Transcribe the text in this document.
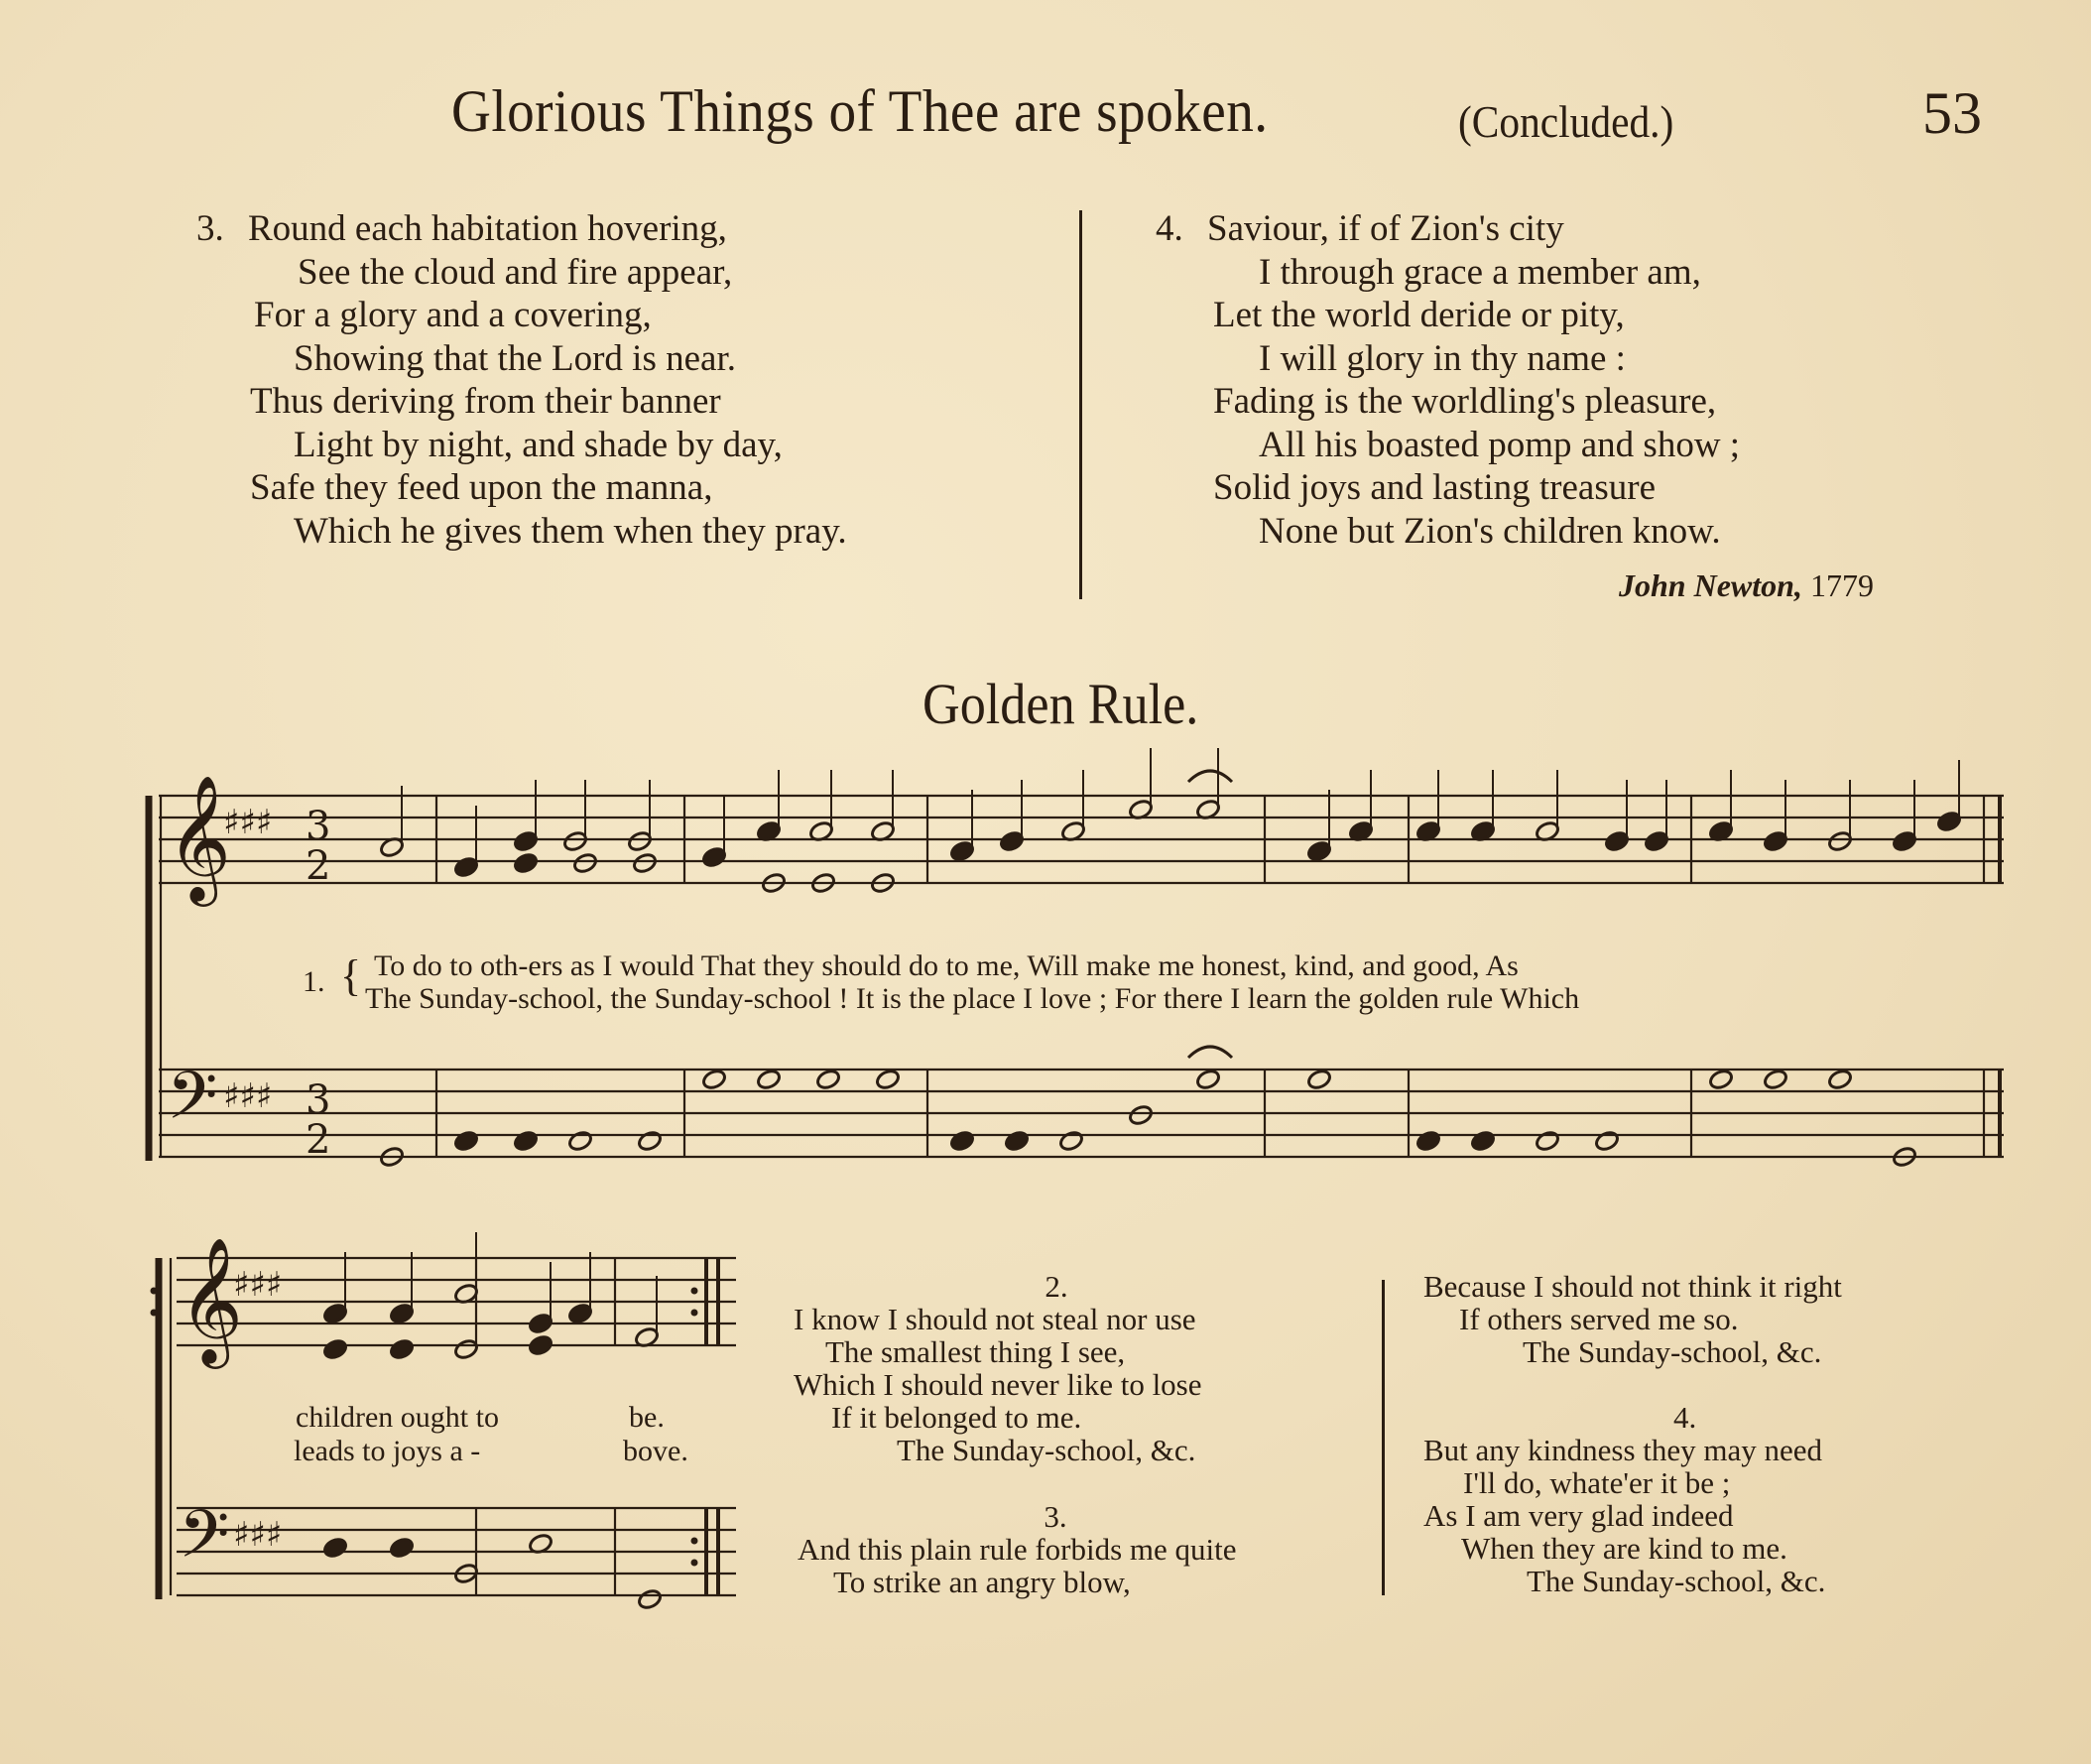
Glorious Things of Thee are spoken.	(Concluded.)	53
3. Round each habitation hovering,
See the cloud and fire appear,
For a glory and a covering,
Showing that the Lord is near.
Thus deriving from their banner
Light by night, and shade by day,
Safe they feed upon the manna,
Which he gives them when they pray.
4. Saviour, if of Zion's city
I through grace a member am,
Let the world deride or pity,
I will glory in thy name :
Fading is the worldling's pleasure,
All his boasted pomp and show ;
Solid joys and lasting treasure
None but Zion's children know.
John Newton, 1779
Golden Rule.
𝄞
𝄢
♯♯♯
♯♯♯
3
2
3
2
𝄞
𝄢
♯♯♯
♯♯♯
1. { To do to oth-ers as I would That they should do to me, Will make me honest, kind, and good, As
The Sunday-school, the Sunday-school ! It is the place I love ; For there I learn the golden rule Which
children ought to	be.
leads to joys a -	bove.
2.
I know I should not steal nor use
The smallest thing I see,
Which I should never like to lose
If it belonged to me.
The Sunday-school, &c.
3.
And this plain rule forbids me quite
To strike an angry blow,
Because I should not think it right
If others served me so.
The Sunday-school, &c.
4.
But any kindness they may need
I'll do, whate'er it be ;
As I am very glad indeed
When they are kind to me.
The Sunday-school, &c.
